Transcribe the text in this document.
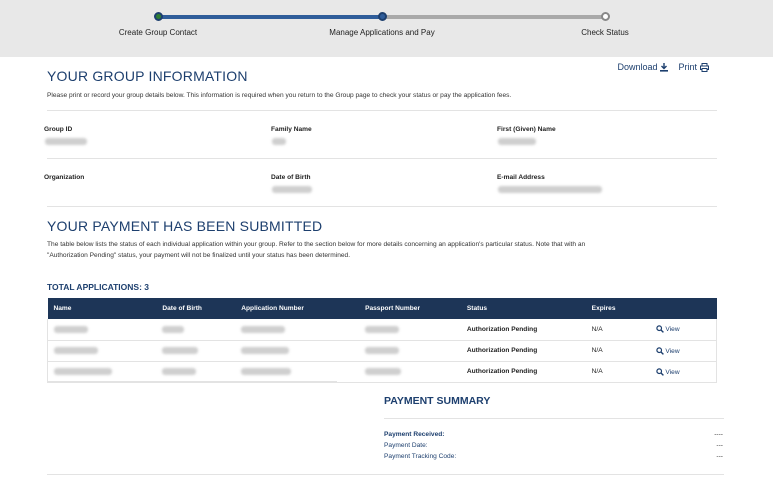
Create Group Contact	Manage Applications and Pay	Check Status
Download Print
YOUR GROUP INFORMATION
Please print or record your group details below. This information is required when you return to the Group page to check your status or pay the application fees.
Group ID	Family Name	First (Given) Name
Organization	Date of Birth	E-mail Address
YOUR PAYMENT HAS BEEN SUBMITTED
The table below lists the status of each individual application within your group. Refer to the section below for more details concerning an application's particular status. Note that with an
"Authorization Pending" status, your payment will not be finalized until your status has been determined.
TOTAL APPLICATIONS: 3
Name	Date of Birth	Application Number	Passport Number	Status	Expires	
				Authorization Pending	N/A	View
				Authorization Pending	N/A	View
				Authorization Pending	N/A	View
PAYMENT SUMMARY
Payment Received:	----
Payment Date:	---
Payment Tracking Code:	---
